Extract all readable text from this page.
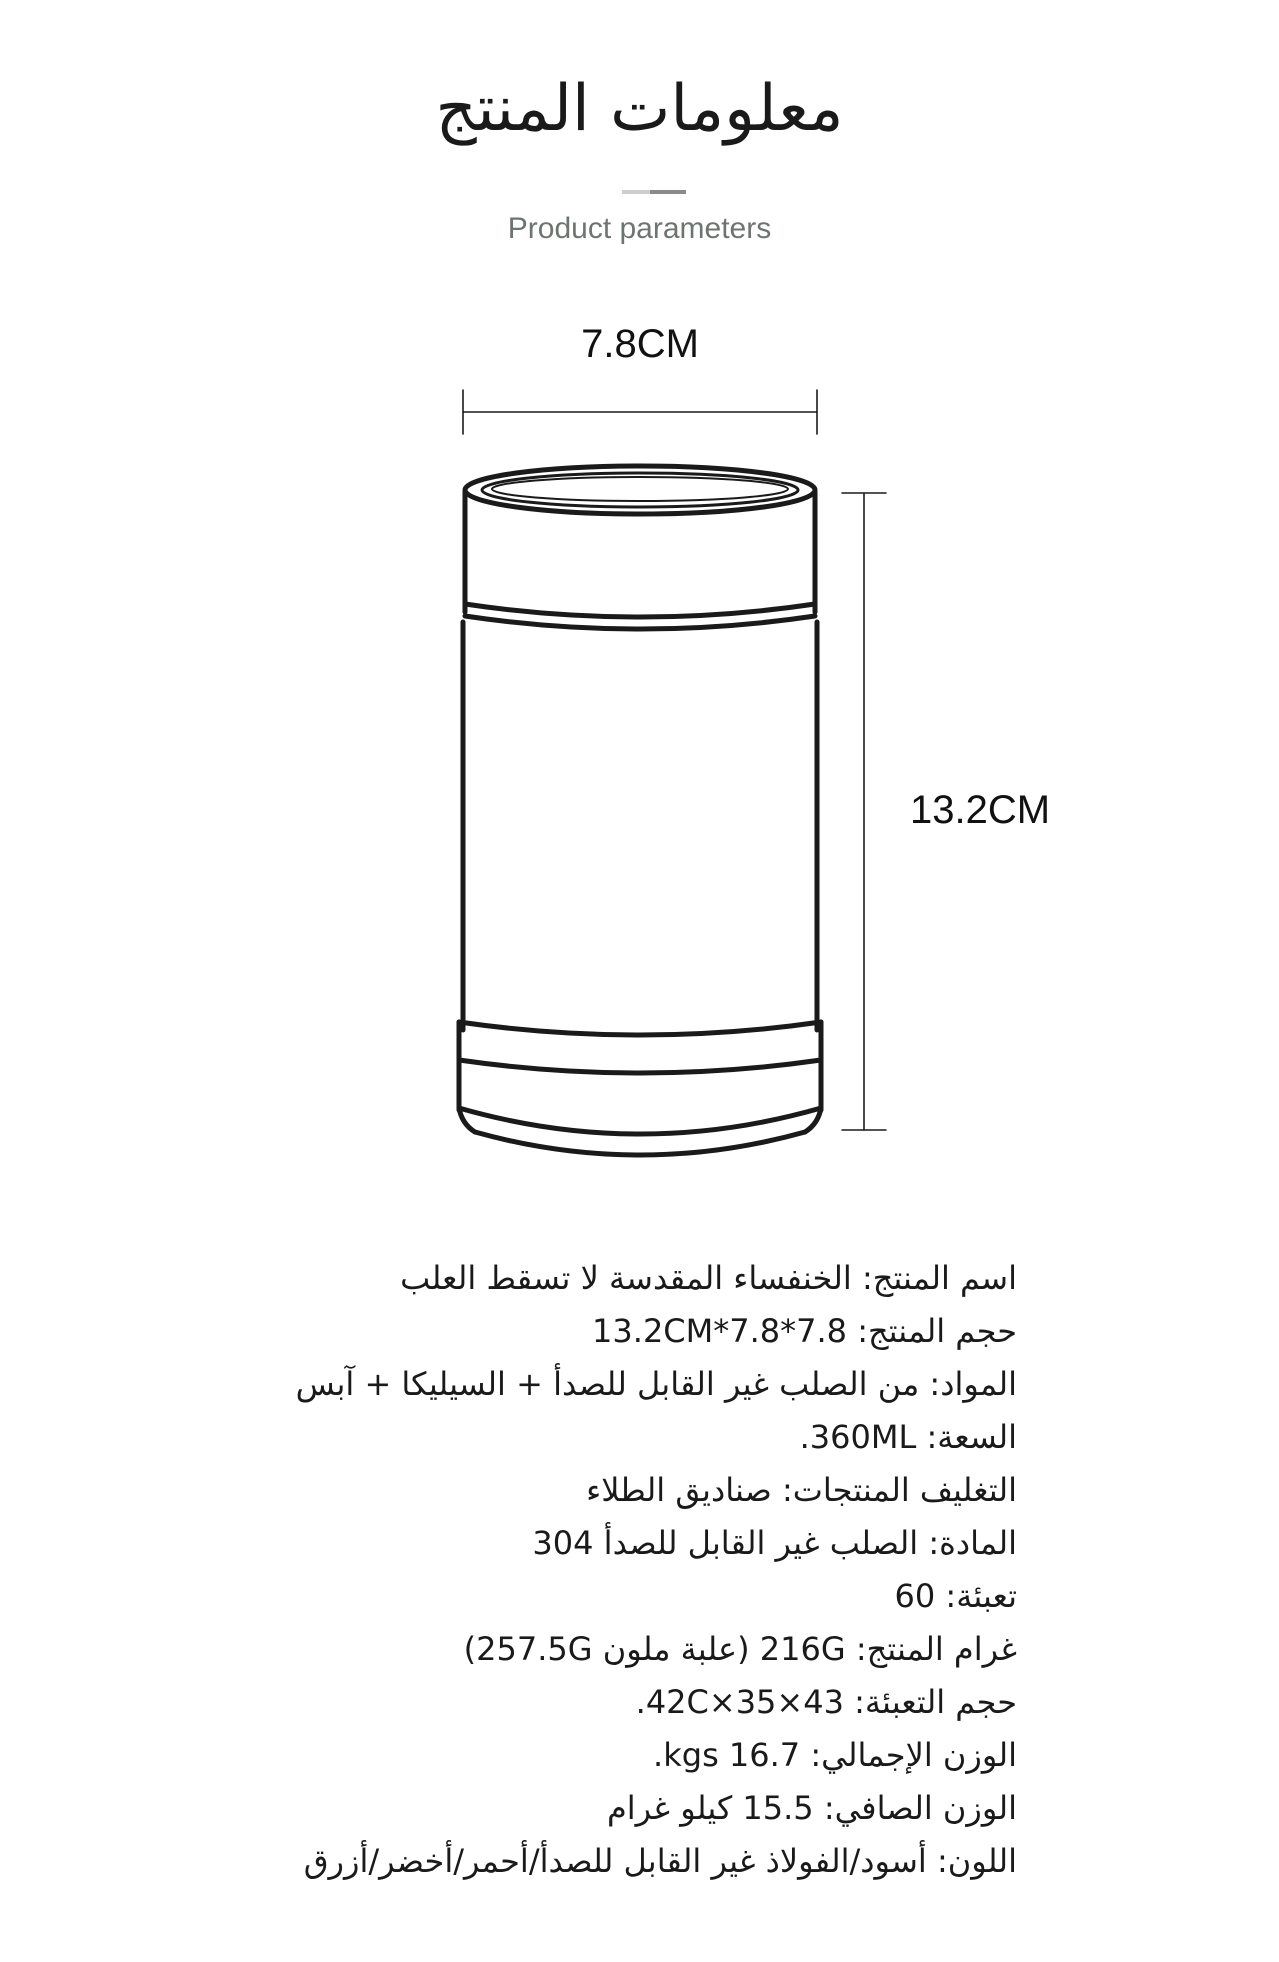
معلومات المنتج
Product parameters
7.8CM
13.2CM
اسم المنتج: الخنفساء المقدسة لا تسقط العلب
حجم المنتج: 7.8*7.8*13.2CM
المواد: من الصلب غير القابل للصدأ + السيليكا + آبس
السعة: 360ML.
التغليف المنتجات: صناديق الطلاء
المادة: الصلب غير القابل للصدأ 304
تعبئة: 60
غرام المنتج: 216G (علبة ملون 257.5G)
حجم التعبئة: 43×35×42C.
الوزن الإجمالي: 16.7 kgs.
الوزن الصافي: 15.5 كيلو غرام
اللون: أسود/الفولاذ غير القابل للصدأ/أحمر/أخضر/أزرق
